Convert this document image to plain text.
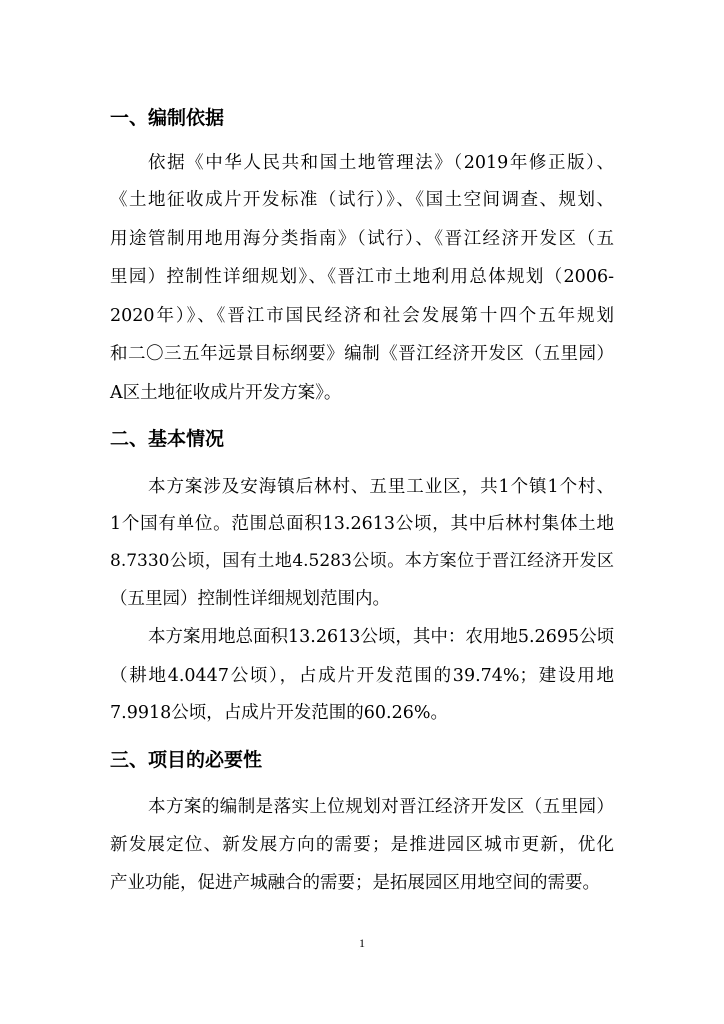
一、编制依据
依据《中华人民共和国土地管理法》（2019年修正版）、
《土地征收成片开发标准（试行）》、《国土空间调查、规划、
用途管制用地用海分类指南》（试行）、《晋江经济开发区（五
里园）控制性详细规划》、《晋江市土地利用总体规划（2006-
2020年）》、《晋江市国民经济和社会发展第十四个五年规划
和二〇三五年远景目标纲要》编制《晋江经济开发区（五里园）
A区土地征收成片开发方案》。
二、基本情况
本方案涉及安海镇后林村、五里工业区，共1个镇1个村、
1个国有单位。范围总面积13.2613公顷，其中后林村集体土地
8.7330公顷，国有土地4.5283公顷。本方案位于晋江经济开发区
（五里园）控制性详细规划范围内。
本方案用地总面积13.2613公顷，其中：农用地5.2695公顷
（耕地4.0447公顷），占成片开发范围的39.74%；建设用地
7.9918公顷，占成片开发范围的60.26%。
三、项目的必要性
本方案的编制是落实上位规划对晋江经济开发区（五里园）
新发展定位、新发展方向的需要；是推进园区城市更新，优化
产业功能，促进产城融合的需要；是拓展园区用地空间的需要。
1
